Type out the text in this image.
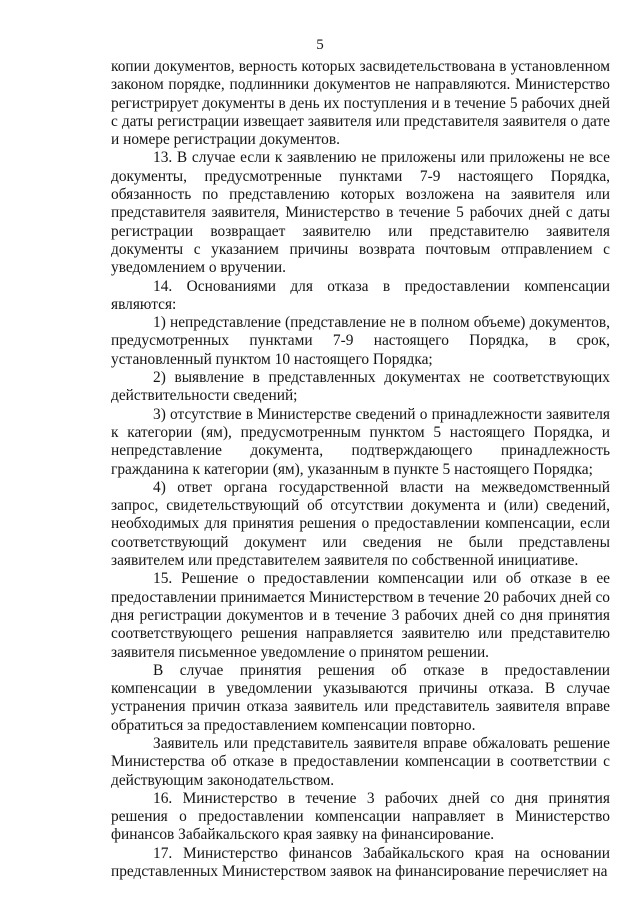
5

копии документов, верность которых засвидетельствована в установленном законом порядке, подлинники документов не направляются. Министерство регистрирует документы в день их поступления и в течение 5 рабочих дней с даты регистрации извещает заявителя или представителя заявителя о дате и номере регистрации документов.

13. В случае если к заявлению не приложены или приложены не все документы, предусмотренные пунктами 7-9 настоящего Порядка, обязанность по представлению которых возложена на заявителя или представителя заявителя, Министерство в течение 5 рабочих дней с даты регистрации возвращает заявителю или представителю заявителя документы с указанием причины возврата почтовым отправлением с уведомлением о вручении.

14. Основаниями для отказа в предоставлении компенсации являются:

1) непредставление (представление не в полном объеме) документов, предусмотренных пунктами 7-9 настоящего Порядка, в срок, установленный пунктом 10 настоящего Порядка;

2) выявление в представленных документах не соответствующих действительности сведений;

3) отсутствие в Министерстве сведений о принадлежности заявителя к категории (ям), предусмотренным пунктом 5 настоящего Порядка, и непредставление документа, подтверждающего принадлежность гражданина к категории (ям), указанным в пункте 5 настоящего Порядка;

4) ответ органа государственной власти на межведомственный запрос, свидетельствующий об отсутствии документа и (или) сведений, необходимых для принятия решения о предоставлении компенсации, если соответствующий документ или сведения не были представлены заявителем или представителем заявителя по собственной инициативе.

15. Решение о предоставлении компенсации или об отказе в ее предоставлении принимается Министерством в течение 20 рабочих дней со дня регистрации документов и в течение 3 рабочих дней со дня принятия соответствующего решения направляется заявителю или представителю заявителя письменное уведомление о принятом решении.

В случае принятия решения об отказе в предоставлении компенсации в уведомлении указываются причины отказа. В случае устранения причин отказа заявитель или представитель заявителя вправе обратиться за предоставлением компенсации повторно.

Заявитель или представитель заявителя вправе обжаловать решение Министерства об отказе в предоставлении компенсации в соответствии с действующим законодательством.

16. Министерство в течение 3 рабочих дней со дня принятия решения о предоставлении компенсации направляет в Министерство финансов Забайкальского края заявку на финансирование.

17. Министерство финансов Забайкальского края на основании представленных Министерством заявок на финансирование перечисляет на
